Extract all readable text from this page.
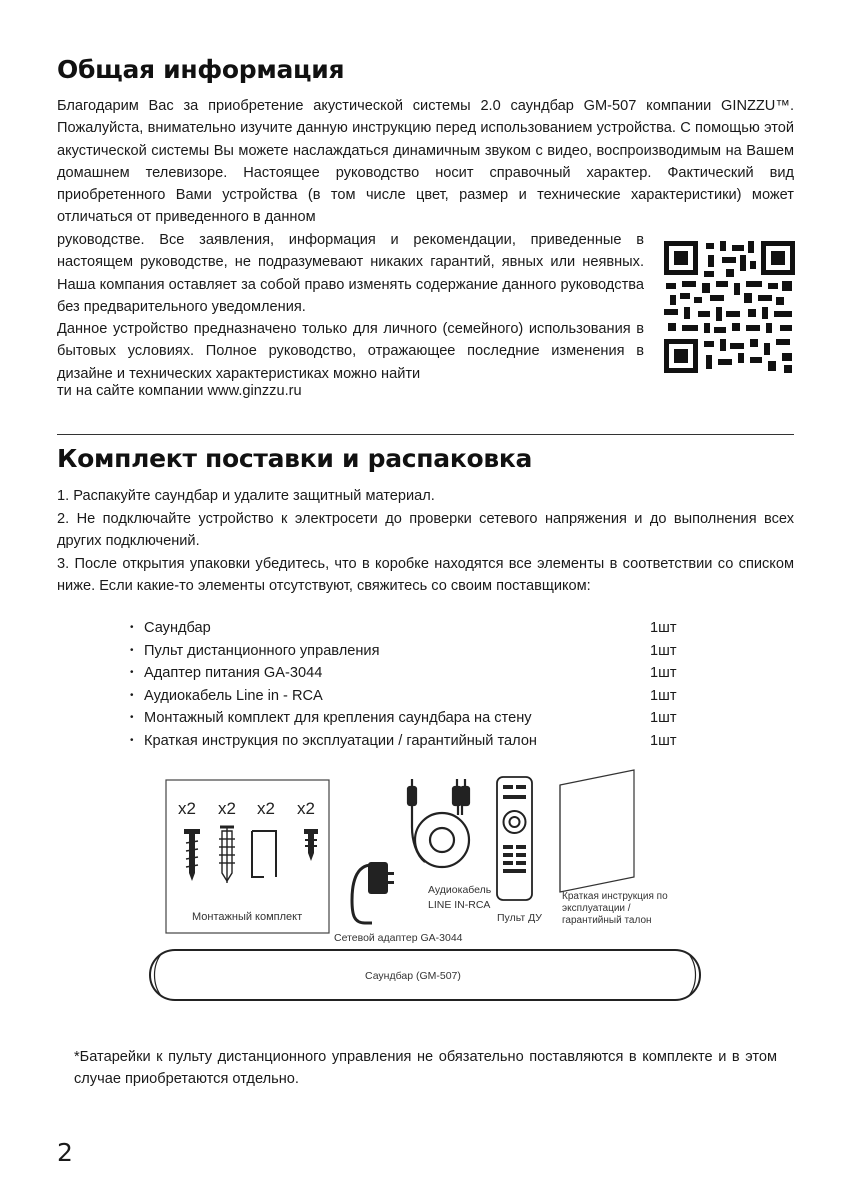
Общая информация

Благодарим Вас за приобретение акустической системы 2.0 саундбар GM-507 компании GINZZU™. Пожалуйста, внимательно изучите данную инструкцию перед использованием устройства. С помощью этой акустической системы Вы можете наслаждаться динамичным звуком с видео, воспроизводимым на Вашем домашнем телевизоре. Настоящее руководство носит справочный характер. Фактический вид приобретенного Вами устройства (в том числе цвет, размер и технические характеристики) может отличаться от приведенного в данном

руководстве. Все заявления, информация и рекомендации, приведенные в настоящем руководстве, не подразумевают никаких гарантий, явных или неявных. Наша компания оставляет за собой право изменять содержание данного руководства без предварительного уведомления.

Данное устройство предназначено только для личного (семейного) использования в бытовых условиях. Полное руководство, отражающее последние изменения в дизайне и технических характеристиках можно найти

ти на сайте компании www.ginzzu.ru

Комплект поставки и распаковка

1. Распакуйте саундбар и удалите защитный материал.

2. Не подключайте устройство к электросети до проверки сетевого напряжения и до выполнения всех других подключений.

3. После открытия упаковки убедитесь, что в коробке находятся все элементы в соответствии со списком ниже. Если какие-то элементы отсутствуют, свяжитесь со своим поставщиком:

• Саундбар	1шт
• Пульт дистанционного управления	1шт
• Адаптер питания GA-3044	1шт
• Аудиокабель Line in - RCA	1шт
• Монтажный комплект для крепления саундбара на стену	1шт
• Краткая инструкция по эксплуатации / гарантийный талон	1шт
x2 x2 x2 x2
Монтажный комплект
Сетевой адаптер GA-3044
Аудиокабель
LINE IN-RCA
Пульт ДУ
Краткая инструкция по
эксплуатации /
гарантийный талон
Саундбар (GM-507)

*Батарейки к пульту дистанционного управления не обязательно поставляются в комплекте и в этом случае приобретаются отдельно.

2
